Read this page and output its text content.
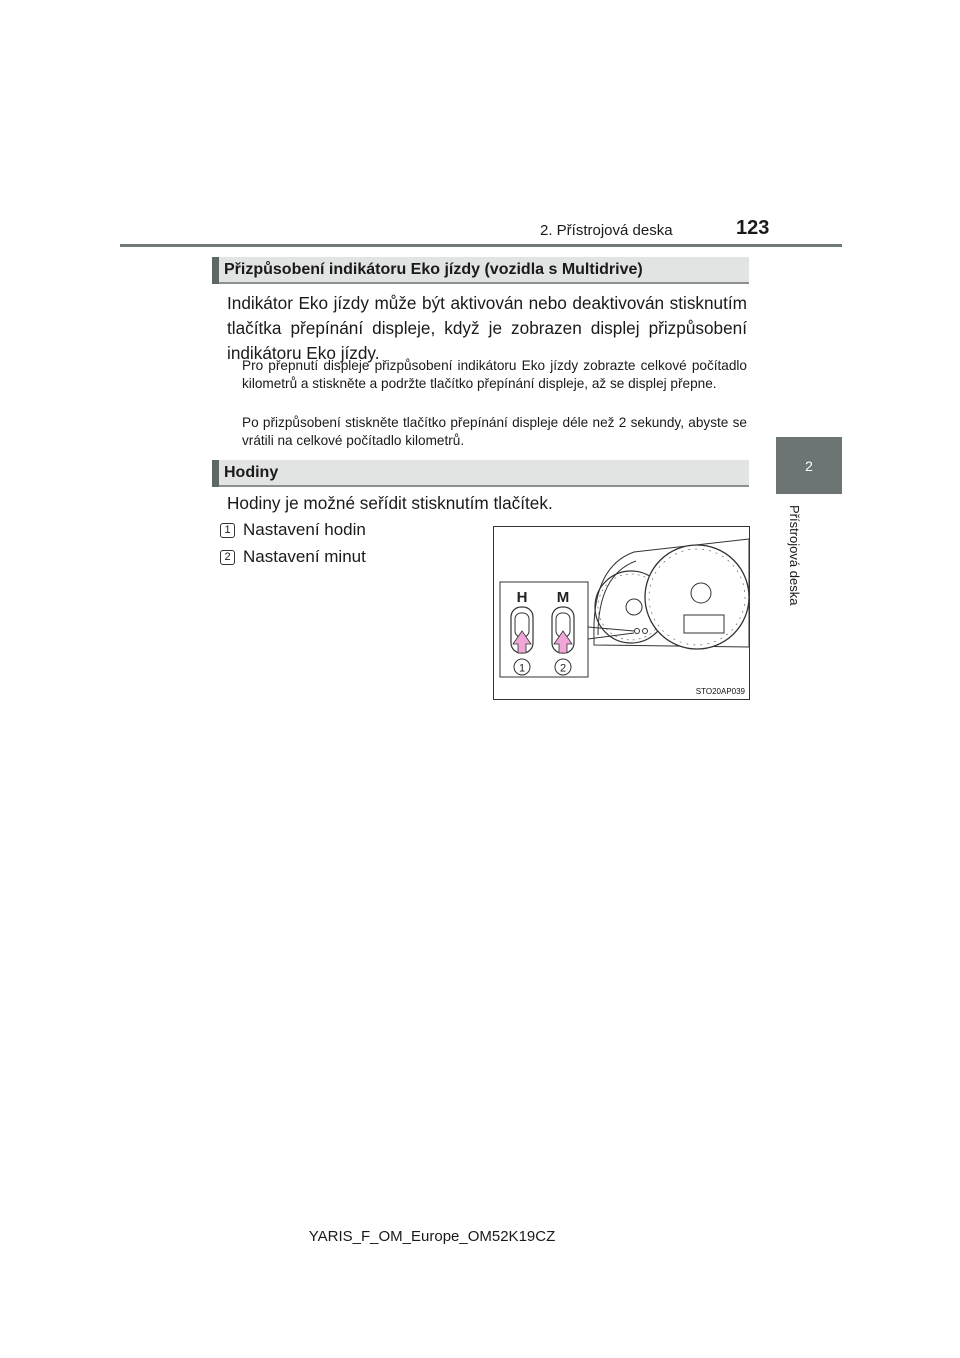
2. Přístrojová deska	123
2
Přístrojová deska
Přizpůsobení indikátoru Eko jízdy (vozidla s Multidrive)

Indikátor Eko jízdy může být aktivován nebo deaktivován stisknutím tlačítka přepínání displeje, když je zobrazen displej přizpůsobení indikátoru Eko jízdy.

Pro přepnutí displeje přizpůsobení indikátoru Eko jízdy zobrazte celkové počítadlo kilometrů a stiskněte a podržte tlačítko přepínání displeje, až se displej přepne.

Po přizpůsobení stiskněte tlačítko přepínání displeje déle než 2 sekundy, abyste se vrátili na celkové počítadlo kilometrů.

Hodiny

Hodiny je možné seřídit stisknutím tlačítek.

1 Nastavení hodin
2 Nastavení minut
H M
1	2
STO20AP039
YARIS_F_OM_Europe_OM52K19CZ
